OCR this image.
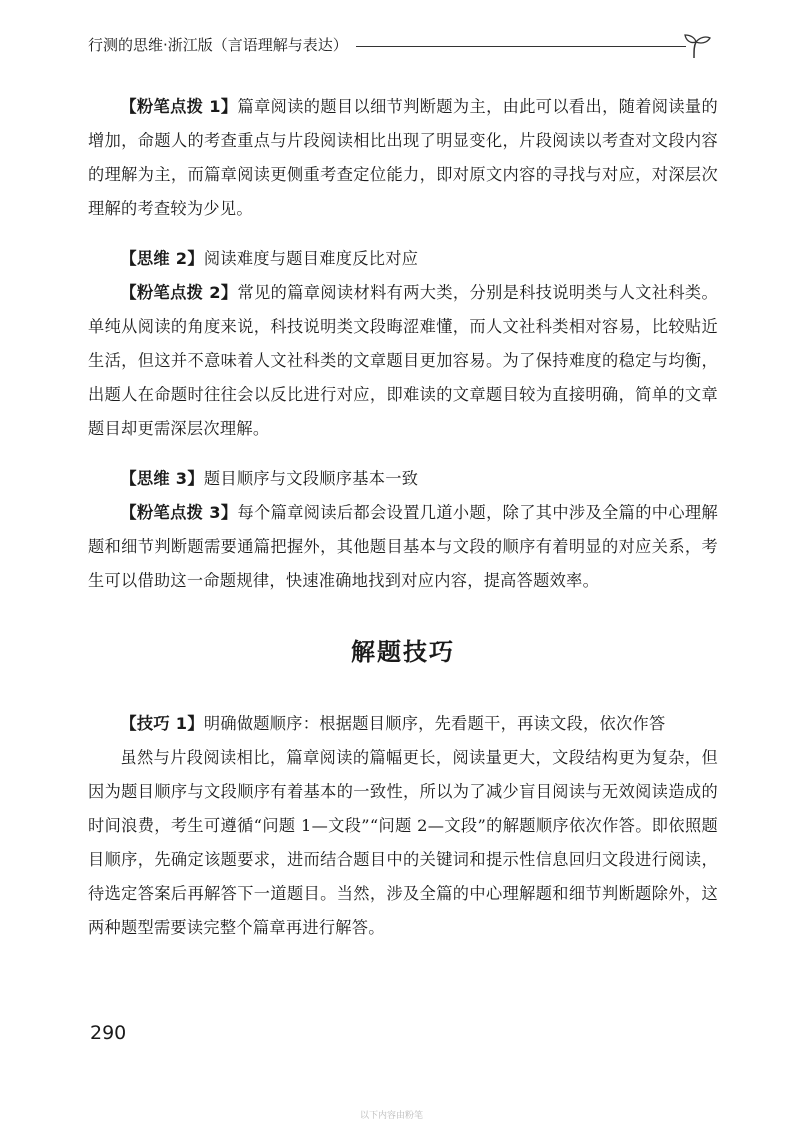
行测的思维·浙江版（言语理解与表达）

【粉笔点拨 1】篇章阅读的题目以细节判断题为主，由此可以看出，随着阅读量的增加，命题人的考查重点与片段阅读相比出现了明显变化，片段阅读以考查对文段内容的理解为主，而篇章阅读更侧重考查定位能力，即对原文内容的寻找与对应，对深层次理解的考查较为少见。

【思维 2】阅读难度与题目难度反比对应

【粉笔点拨 2】常见的篇章阅读材料有两大类，分别是科技说明类与人文社科类。单纯从阅读的角度来说，科技说明类文段晦涩难懂，而人文社科类相对容易，比较贴近生活，但这并不意味着人文社科类的文章题目更加容易。为了保持难度的稳定与均衡，出题人在命题时往往会以反比进行对应，即难读的文章题目较为直接明确，简单的文章题目却更需深层次理解。

【思维 3】题目顺序与文段顺序基本一致

【粉笔点拨 3】每个篇章阅读后都会设置几道小题，除了其中涉及全篇的中心理解题和细节判断题需要通篇把握外，其他题目基本与文段的顺序有着明显的对应关系，考生可以借助这一命题规律，快速准确地找到对应内容，提高答题效率。

解题技巧

【技巧 1】明确做题顺序：根据题目顺序，先看题干，再读文段，依次作答

虽然与片段阅读相比，篇章阅读的篇幅更长，阅读量更大，文段结构更为复杂，但因为题目顺序与文段顺序有着基本的一致性，所以为了减少盲目阅读与无效阅读造成的时间浪费，考生可遵循“问题 1—文段”“问题 2—文段”的解题顺序依次作答。即依照题目顺序，先确定该题要求，进而结合题目中的关键词和提示性信息回归文段进行阅读，待选定答案后再解答下一道题目。当然，涉及全篇的中心理解题和细节判断题除外，这两种题型需要读完整个篇章再进行解答。

290
以下内容由粉笔
